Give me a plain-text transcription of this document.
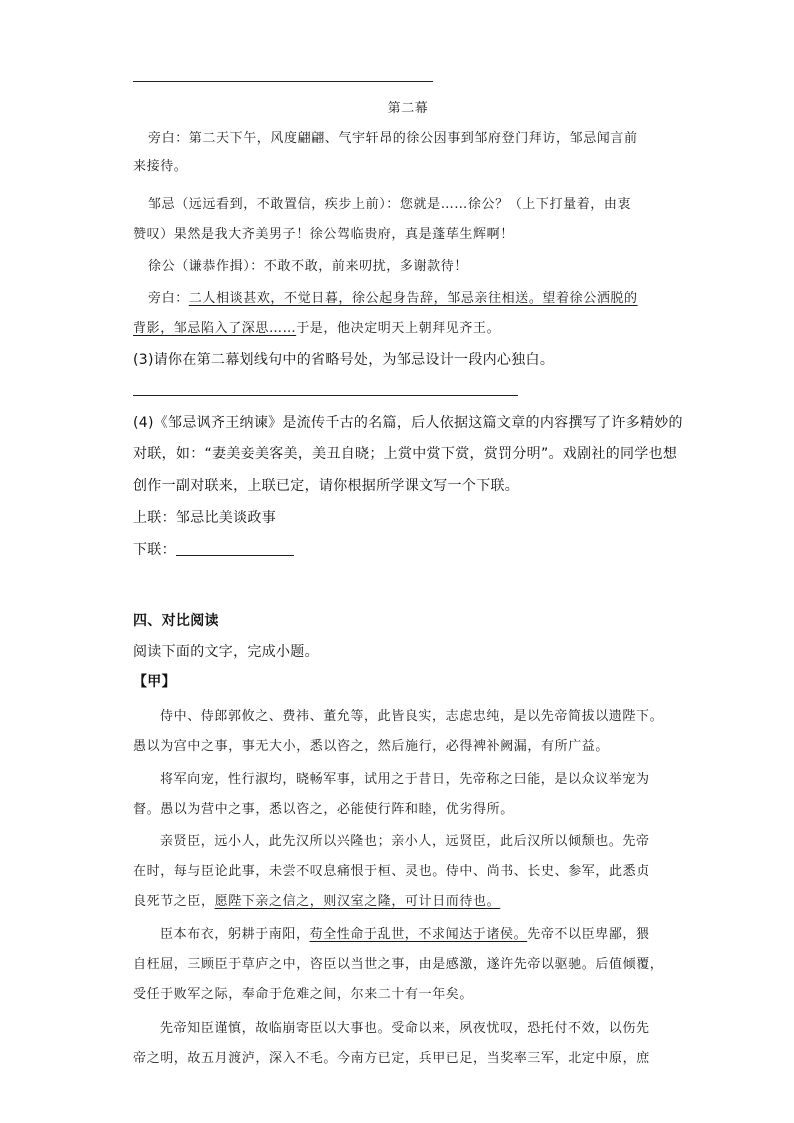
第二幕
旁白：第二天下午，风度翩翩、气宇轩昂的徐公因事到邹府登门拜访，邹忌闻言前
来接待。
邹忌（远远看到，不敢置信，疾步上前）：您就是……徐公？（上下打量着，由衷
赞叹）果然是我大齐美男子！徐公驾临贵府，真是蓬荜生辉啊！
徐公（谦恭作揖）：不敢不敢，前来叨扰，多谢款待！
旁白：二人相谈甚欢，不觉日暮，徐公起身告辞，邹忌亲往相送。望着徐公洒脱的
背影，邹忌陷入了深思……于是，他决定明天上朝拜见齐王。
(3)请你在第二幕划线句中的省略号处，为邹忌设计一段内心独白。
(4)《邹忌讽齐王纳谏》是流传千古的名篇，后人依据这篇文章的内容撰写了许多精妙的
对联，如：“妻美妾美客美，美丑自晓；上赏中赏下赏，赏罚分明”。戏剧社的同学也想
创作一副对联来，上联已定，请你根据所学课文写一个下联。
上联：邹忌比美谈政事
下联：
四、对比阅读
阅读下面的文字，完成小题。
【甲】
侍中、侍郎郭攸之、费祎、董允等，此皆良实，志虑忠纯，是以先帝简拔以遗陛下。
愚以为宫中之事，事无大小，悉以咨之，然后施行，必得裨补阙漏，有所广益。
将军向宠，性行淑均，晓畅军事，试用之于昔日，先帝称之曰能，是以众议举宠为
督。愚以为营中之事，悉以咨之，必能使行阵和睦，优劣得所。
亲贤臣，远小人，此先汉所以兴隆也；亲小人，远贤臣，此后汉所以倾颓也。先帝
在时，每与臣论此事，未尝不叹息痛恨于桓、灵也。侍中、尚书、长史、参军，此悉贞
良死节之臣，愿陛下亲之信之，则汉室之隆，可计日而待也。
臣本布衣，躬耕于南阳，苟全性命于乱世，不求闻达于诸侯。先帝不以臣卑鄙，猥
自枉屈，三顾臣于草庐之中，咨臣以当世之事，由是感激，遂许先帝以驱驰。后值倾覆，
受任于败军之际，奉命于危难之间，尔来二十有一年矣。
先帝知臣谨慎，故临崩寄臣以大事也。受命以来，夙夜忧叹，恐托付不效，以伤先
帝之明，故五月渡泸，深入不毛。今南方已定，兵甲已足，当奖率三军，北定中原，庶
